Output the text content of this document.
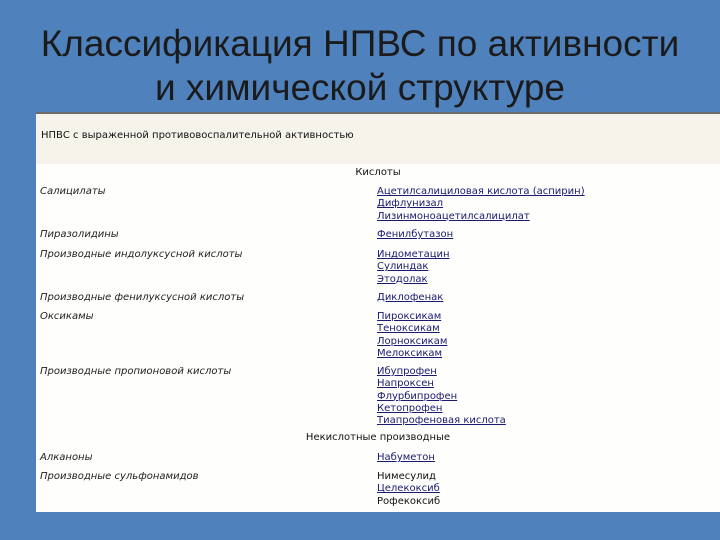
Классификация НПВС по активности
и химической структуре
НПВС с выраженной противовоспалительной активностью
Кислоты
Салицилаты	Ацетилсалициловая кислота (аспирин)
Дифлунизал
Лизинмоноацетилсалицилат
Пиразолидины	Фенилбутазон
Производные индолуксусной кислоты	Индометацин
Сулиндак
Этодолак
Производные фенилуксусной кислоты	Диклофенак
Оксикамы	Пироксикам
Теноксикам
Лорноксикам
Мелоксикам
Производные пропионовой кислоты	Ибупрофен
Напроксен
Флурбипрофен
Кетопрофен
Тиапрофеновая кислота
Некислотные производные
Алканоны	Набуметон
Производные сульфонамидов	Нимесулид
Целекоксиб
Рофекоксиб
